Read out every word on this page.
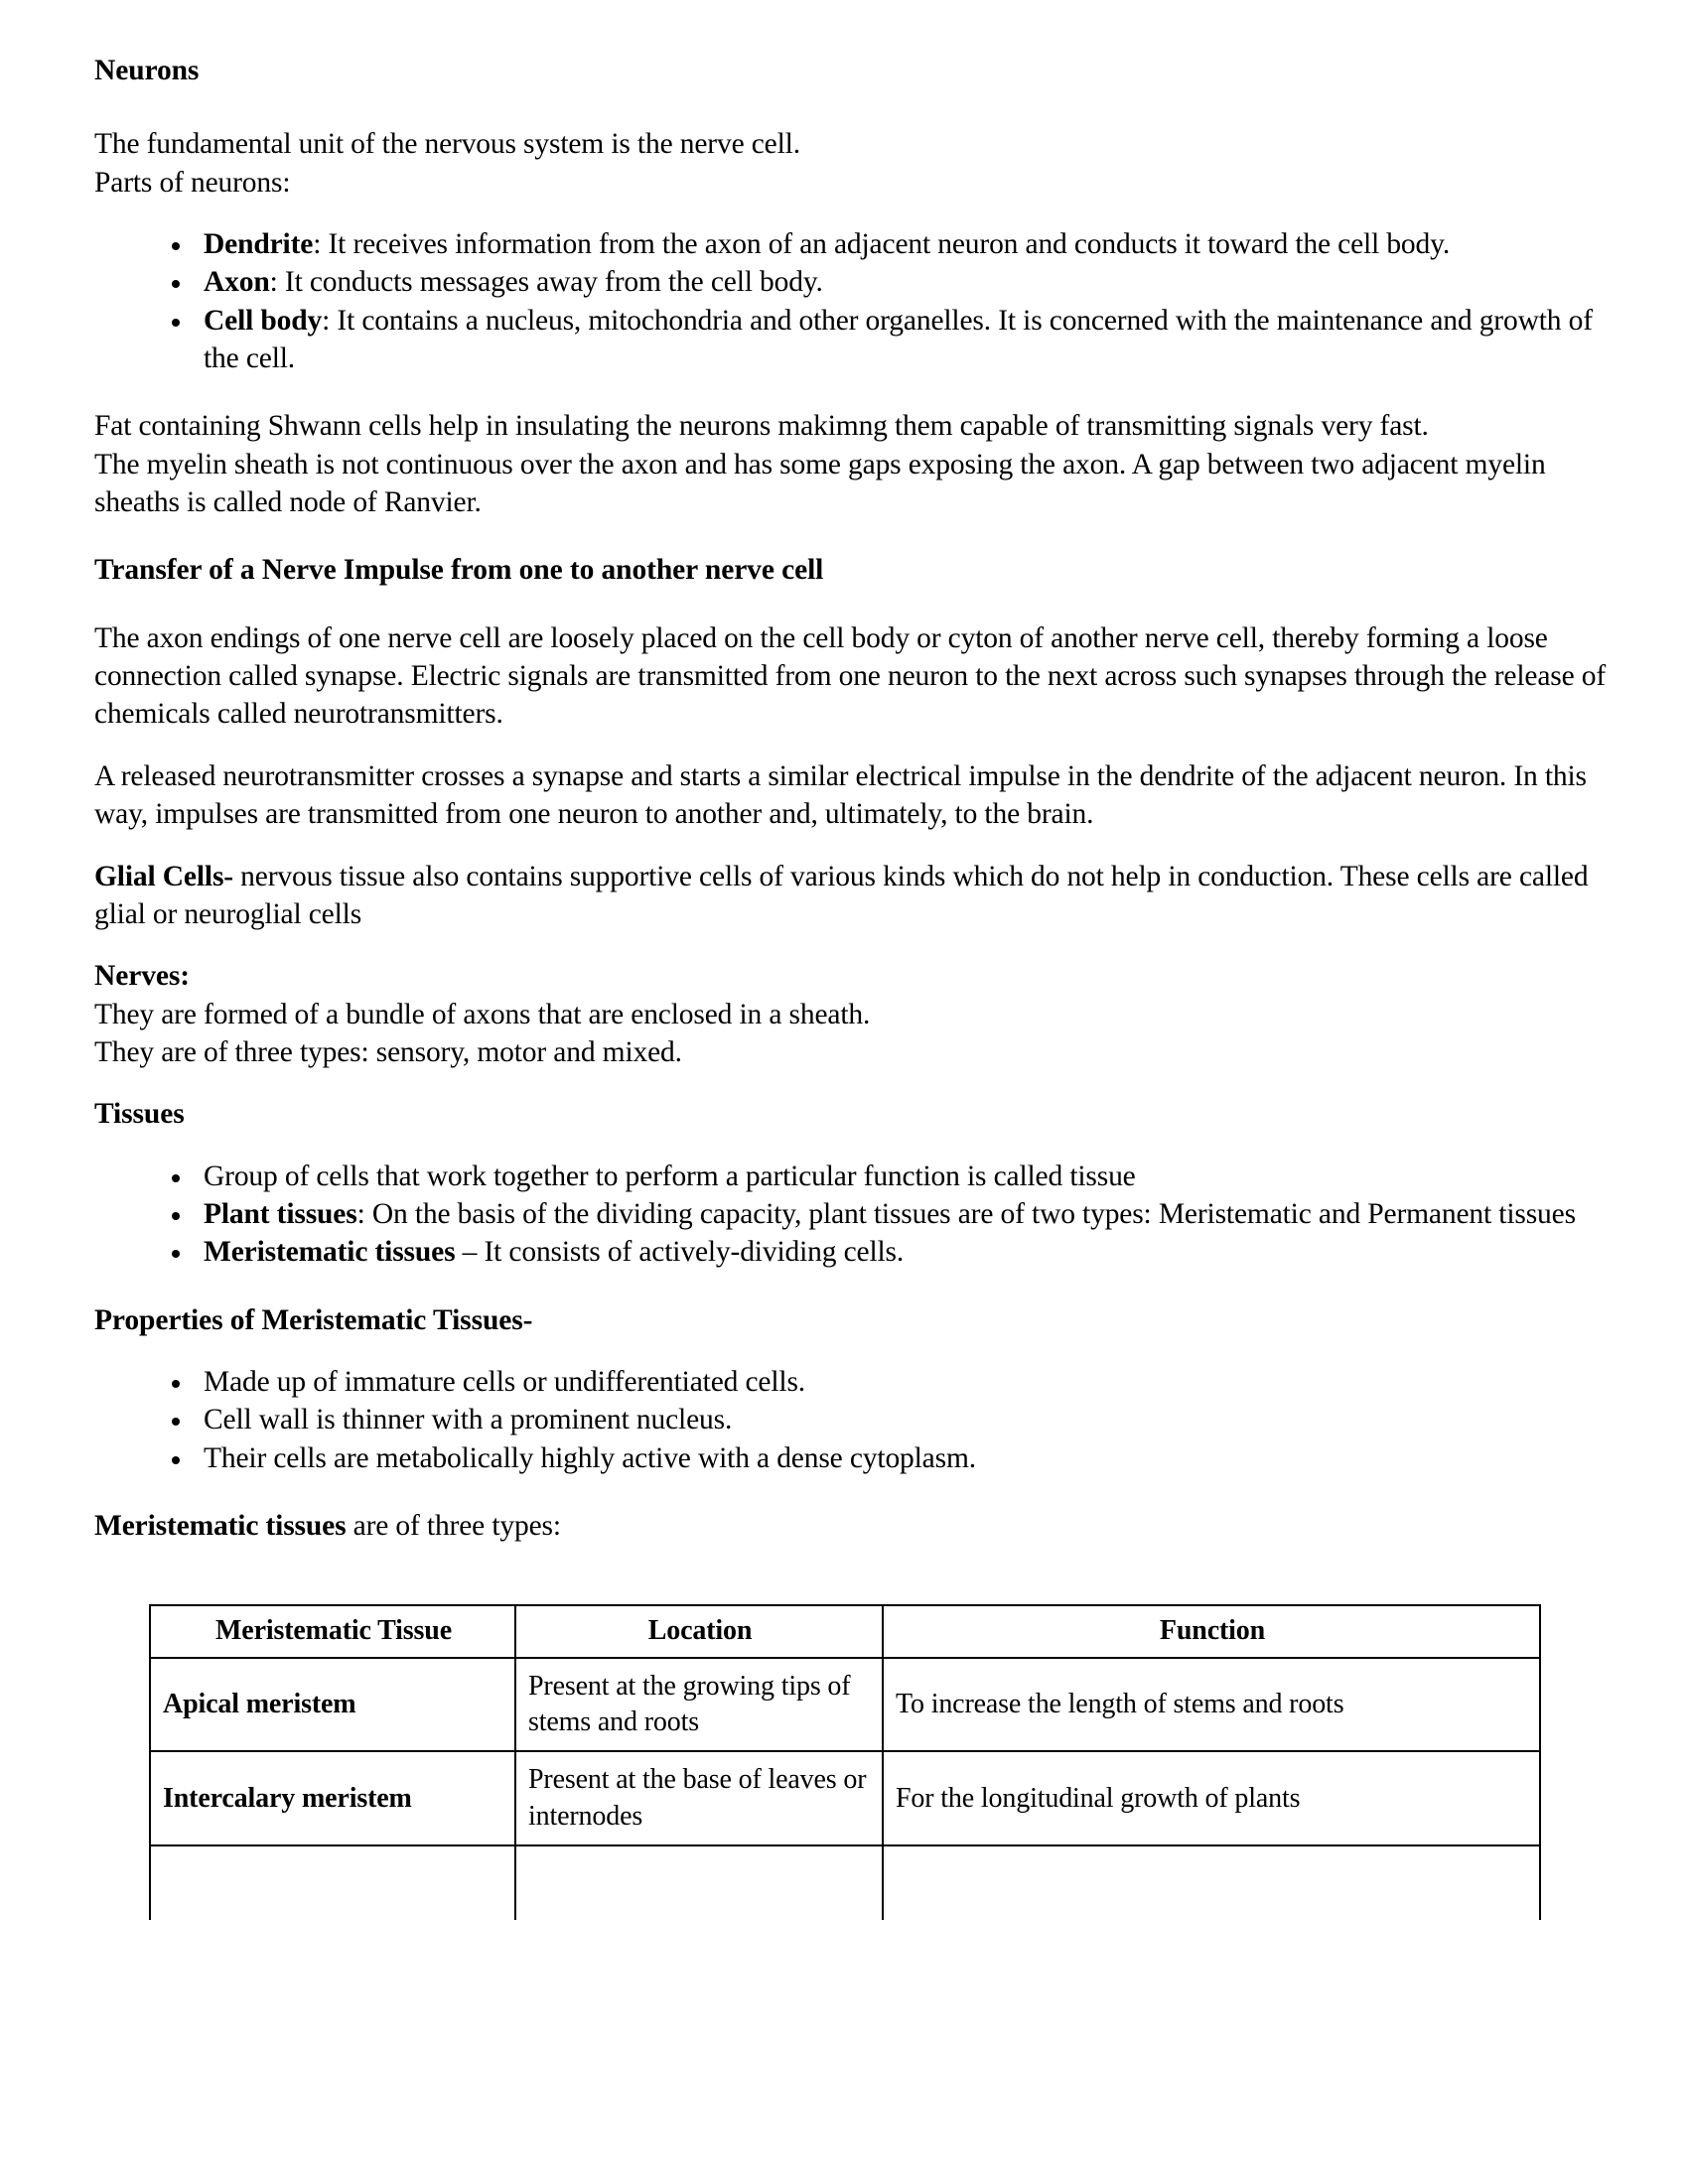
Neurons

The fundamental unit of the nervous system is the nerve cell.

Parts of neurons:

Dendrite: It receives information from the axon of an adjacent neuron and conducts it toward the cell body.
Axon: It conducts messages away from the cell body.
Cell body: It contains a nucleus, mitochondria and other organelles. It is concerned with the maintenance and growth of the cell.

Fat containing Shwann cells help in insulating the neurons makimng them capable of transmitting signals very fast.

The myelin sheath is not continuous over the axon and has some gaps exposing the axon. A gap between two adjacent myelin sheaths is called node of Ranvier.

Transfer of a Nerve Impulse from one to another nerve cell

The axon endings of one nerve cell are loosely placed on the cell body or cyton of another nerve cell, thereby forming a loose connection called synapse. Electric signals are transmitted from one neuron to the next across such synapses through the release of chemicals called neurotransmitters.

A released neurotransmitter crosses a synapse and starts a similar electrical impulse in the dendrite of the adjacent neuron. In this way, impulses are transmitted from one neuron to another and, ultimately, to the brain.

Glial Cells- nervous tissue also contains supportive cells of various kinds which do not help in conduction. These cells are called glial or neuroglial cells

Nerves:

They are formed of a bundle of axons that are enclosed in a sheath.

They are of three types: sensory, motor and mixed.

Tissues
Group of cells that work together to perform a particular function is called tissue
Plant tissues: On the basis of the dividing capacity, plant tissues are of two types: Meristematic and Permanent tissues
Meristematic tissues – It consists of actively-dividing cells.
Properties of Meristematic Tissues-
Made up of immature cells or undifferentiated cells.
Cell wall is thinner with a prominent nucleus.
Their cells are metabolically highly active with a dense cytoplasm.

Meristematic tissues are of three types:

Meristematic Tissue	Location	Function
Apical meristem	Present at the growing tips of stems and roots	To increase the length of stems and roots
Intercalary meristem	Present at the base of leaves or internodes	For the longitudinal growth of plants
